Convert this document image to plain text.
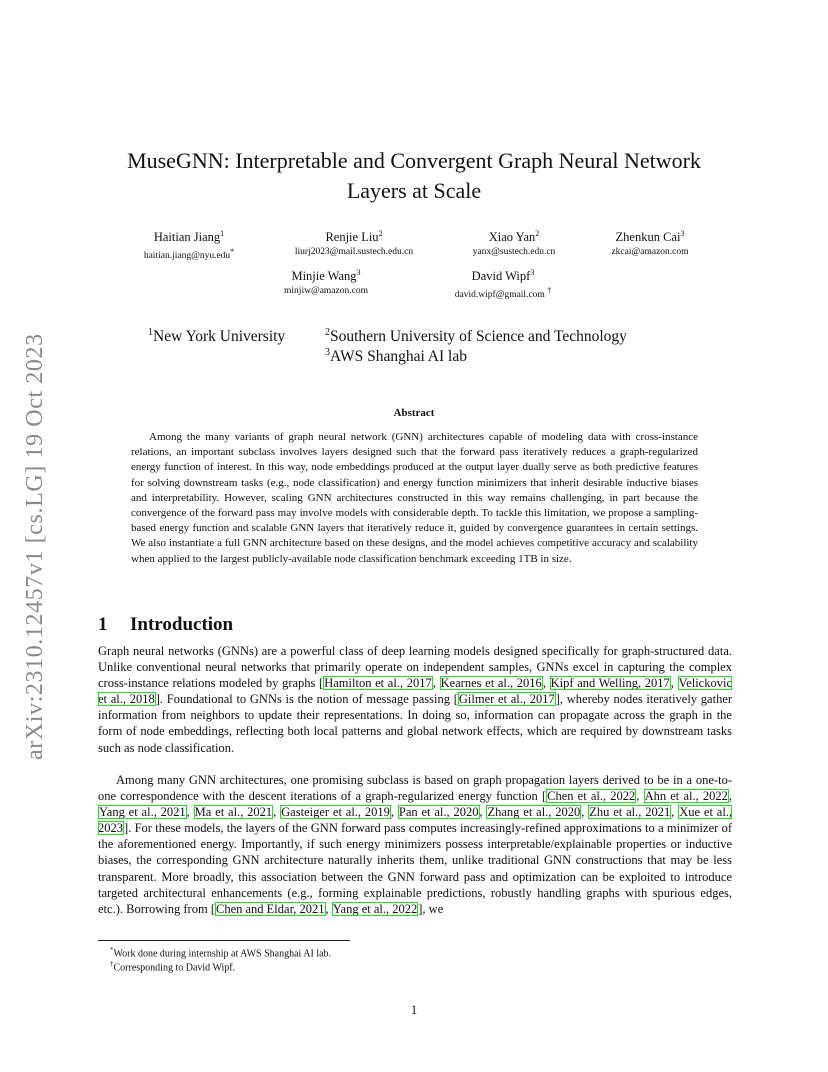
arXiv:2310.12457v1 [cs.LG] 19 Oct 2023
MuseGNN: Interpretable and Convergent Graph Neural Network
Layers at Scale
Haitian Jiang$^1$
haitian.jiang@nyu.edu*
Renjie Liu$^2$
liurj2023@mail.sustech.edu.cn
Xiao Yan$^2$
yanx@sustech.edu.cn
Zhenkun Cai$^3$
zkcai@amazon.com
Minjie Wang$^3$
minjiw@amazon.com
David Wipf$^3$
david.wipf@gmail.com †
$^1$New York University	$^2$Southern University of Science and Technology
$^3$AWS Shanghai AI lab
Abstract

Among the many variants of graph neural network (GNN) architectures capable of modeling data with cross-instance relations, an important subclass involves layers designed such that the forward pass iteratively reduces a graph-regularized energy function of interest. In this way, node embeddings produced at the output layer dually serve as both predictive features for solving downstream tasks (e.g., node classification) and energy function minimizers that inherit desirable inductive biases and interpretability. However, scaling GNN architectures constructed in this way remains challenging, in part because the convergence of the forward pass may involve models with considerable depth. To tackle this limitation, we propose a sampling-based energy function and scalable GNN layers that iteratively reduce it, guided by convergence guarantees in certain settings. We also instantiate a full GNN architecture based on these designs, and the model achieves competitive accuracy and scalability when applied to the largest publicly-available node classification benchmark exceeding 1TB in size.

1 Introduction

Graph neural networks (GNNs) are a powerful class of deep learning models designed specifically for graph-structured data. Unlike conventional neural networks that primarily operate on independent samples, GNNs excel in capturing the complex cross-instance relations modeled by graphs [Hamilton et al., 2017, Kearnes et al., 2016, Kipf and Welling, 2017, Velickovic et al., 2018]. Foundational to GNNs is the notion of message passing [Gilmer et al., 2017], whereby nodes iteratively gather information from neighbors to update their representations. In doing so, information can propagate across the graph in the form of node embeddings, reflecting both local patterns and global network effects, which are required by downstream tasks such as node classification.

Among many GNN architectures, one promising subclass is based on graph propagation layers derived to be in a one-to-one correspondence with the descent iterations of a graph-regularized energy function [Chen et al., 2022, Ahn et al., 2022, Yang et al., 2021, Ma et al., 2021, Gasteiger et al., 2019, Pan et al., 2020, Zhang et al., 2020, Zhu et al., 2021, Xue et al., 2023]. For these models, the layers of the GNN forward pass computes increasingly-refined approximations to a minimizer of the aforementioned energy. Importantly, if such energy minimizers possess interpretable/explainable properties or inductive biases, the corresponding GNN architecture naturally inherits them, unlike traditional GNN constructions that may be less transparent. More broadly, this association between the GNN forward pass and optimization can be exploited to introduce targeted architectural enhancements (e.g., forming explainable predictions, robustly handling graphs with spurious edges, etc.). Borrowing from [Chen and Eldar, 2021, Yang et al., 2022], we

*Work done during internship at AWS Shanghai AI lab.
†Corresponding to David Wipf.
1
